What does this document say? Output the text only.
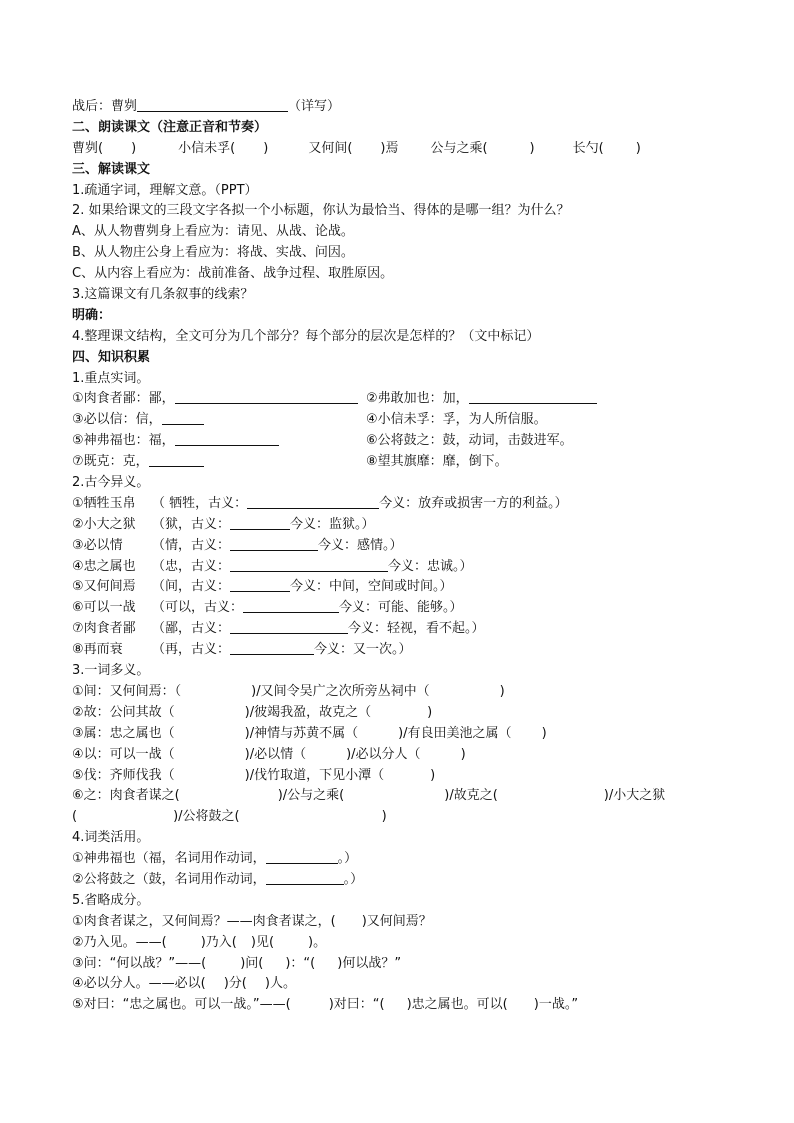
战后：曹刿	（详写）
二、朗读课文（注意正音和节奏）
曹刿( )	小信未孚( )	又何间( )焉 公与之乘(	)	长勺( )
三、解读课文
1.疏通字词，理解文意。（PPT）
2. 如果给课文的三段文字各拟一个小标题，你认为最恰当、得体的是哪一组？为什么？
A、从人物曹刿身上看应为：请见、从战、论战。
B、从人物庄公身上看应为：将战、实战、问因。
C、从内容上看应为：战前准备、战争过程、取胜原因。
3.这篇课文有几条叙事的线索？
明确：
4.整理课文结构，全文可分为几个部分？每个部分的层次是怎样的？（文中标记）
四、知识积累
1.重点实词。
①肉食者鄙：鄙，	②弗敢加也：加，
③必以信：信，	④小信未孚：孚，为人所信服。
⑤神弗福也：福，	⑥公将鼓之：鼓，动词，击鼓进军。
⑦既克：克，	⑧望其旗靡：靡，倒下。
2.古今异义。
①牺牲玉帛 （ 牺牲，古义：	今义：放弃或损害一方的利益。）
②小大之狱 （狱，古义：	今义：监狱。）
③必以情 （情，古义：	今义：感情。）
④忠之属也 （忠，古义：	今义：忠诚。）
⑤又何间焉 （间，古义：	今义：中间，空间或时间。）
⑥可以一战 （可以，古义：	今义：可能、能够。）
⑦肉食者鄙 （鄙，古义：	今义：轻视，看不起。）
⑧再而衰 （再，古义：	今义：又一次。）
3.一词多义。
①间：又何间焉：（	)/又间令吴广之次所旁丛祠中（	)
②故：公问其故（	)/彼竭我盈，故克之（	)
③属：忠之属也（	)/神情与苏黄不属（	)/有良田美池之属（ )
④以：可以一战（	)/必以情（	)/必以分人（	)
⑤伐：齐师伐我（	)/伐竹取道，下见小潭（	)
⑥之：肉食者谋之(	)/公与之乘(	)/故克之(	)/小大之狱
(	)/公将鼓之(	)
4.词类活用。
①神弗福也（福，名词用作动词，	。）
②公将鼓之（鼓，名词用作动词，	。）
5.省略成分。
①肉食者谋之，又何间焉？——肉食者谋之，( )又何间焉？
②乃入见。——(	)乃入( )见(	)。
③问：“何以战？”——(	)问( )：“( )何以战？”
④必以分人。——必以( )分( )人。
⑤对曰：“忠之属也。可以一战。”——(	)对曰：“( )忠之属也。可以( )一战。”
